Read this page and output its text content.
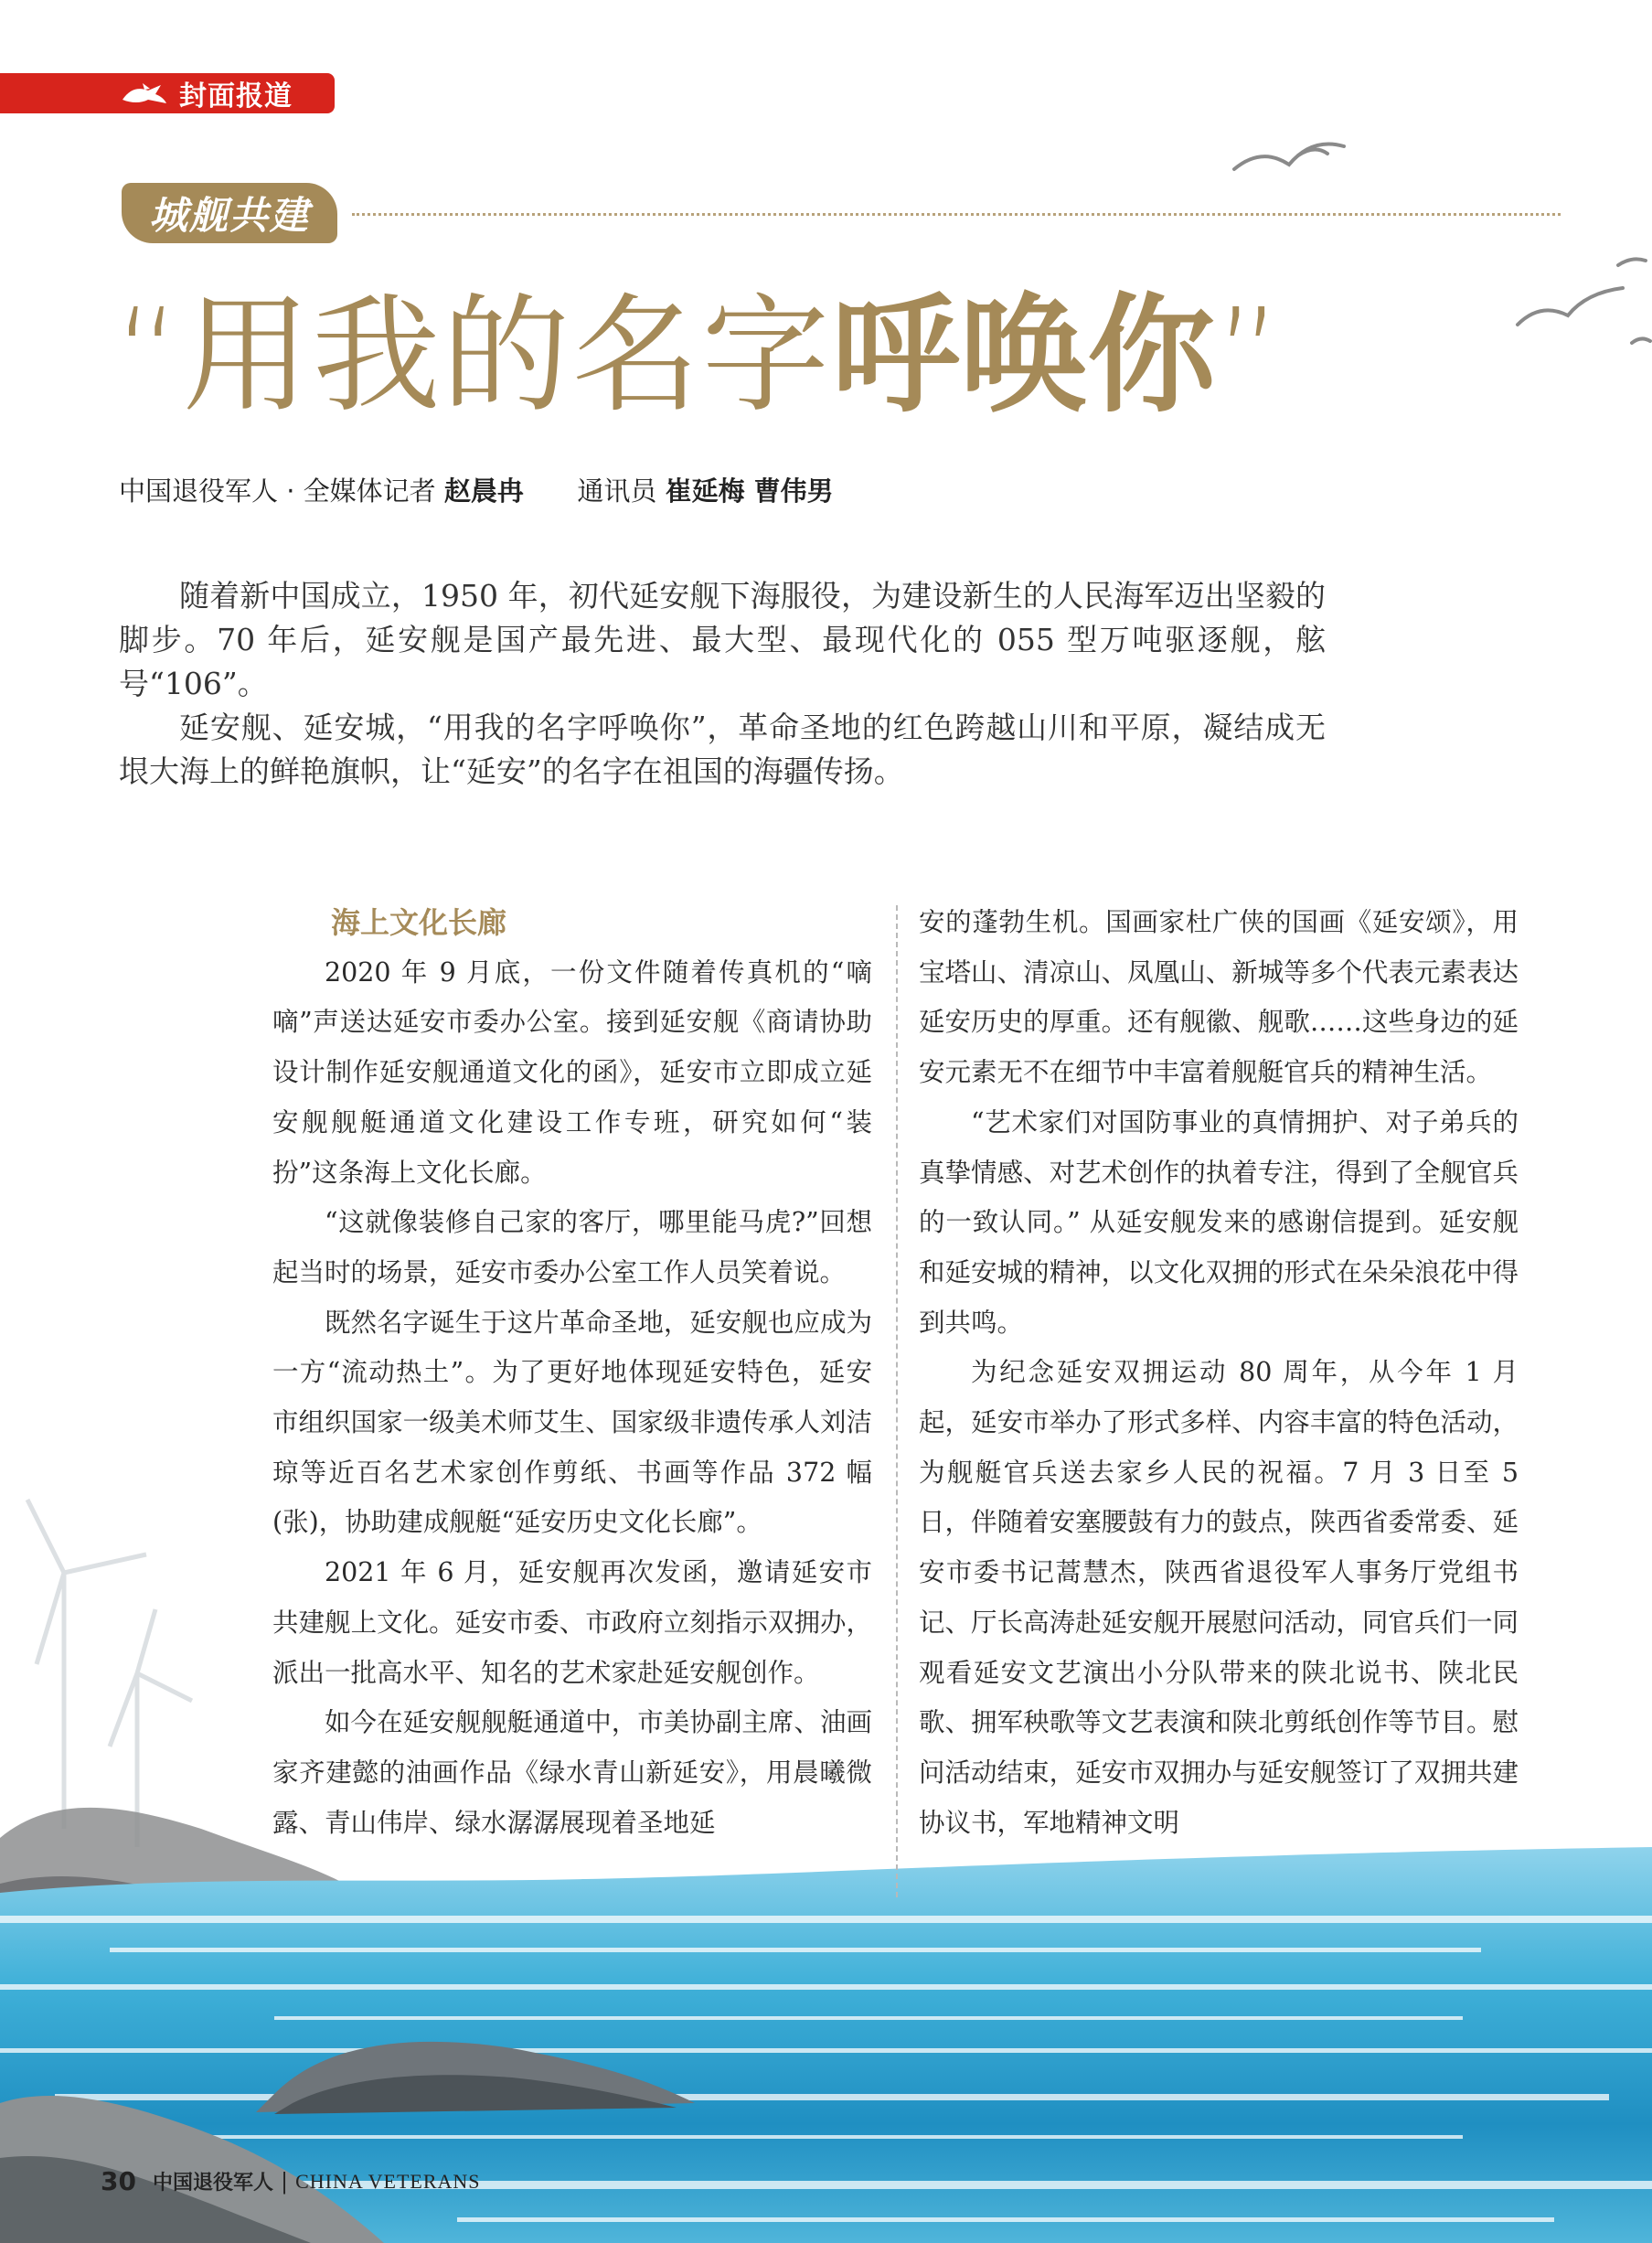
封面报道
城舰共建
“用我的名字呼唤你”
中国退役军人 · 全媒体记者 赵晨冉 通讯员 崔延梅 曹伟男

随着新中国成立，1950 年，初代延安舰下海服役，为建设新生的人民海军迈出坚毅的脚步。70 年后，延安舰是国产最先进、最大型、最现代化的 055 型万吨驱逐舰，舷号“106”。

延安舰、延安城，“用我的名字呼唤你”，革命圣地的红色跨越山川和平原，凝结成无垠大海上的鲜艳旗帜，让“延安”的名字在祖国的海疆传扬。

海上文化长廊

2020 年 9 月底，一份文件随着传真机的“嘀嘀”声送达延安市委办公室。接到延安舰《商请协助设计制作延安舰通道文化的函》，延安市立即成立延安舰舰艇通道文化建设工作专班，研究如何“装扮”这条海上文化长廊。

“这就像装修自己家的客厅，哪里能马虎?”回想起当时的场景，延安市委办公室工作人员笑着说。

既然名字诞生于这片革命圣地，延安舰也应成为一方“流动热土”。为了更好地体现延安特色，延安市组织国家一级美术师艾生、国家级非遗传承人刘洁琼等近百名艺术家创作剪纸、书画等作品 372 幅 (张)，协助建成舰艇“延安历史文化长廊”。

2021 年 6 月，延安舰再次发函，邀请延安市共建舰上文化。延安市委、市政府立刻指示双拥办，派出一批高水平、知名的艺术家赴延安舰创作。

如今在延安舰舰艇通道中，市美协副主席、油画家齐建懿的油画作品《绿水青山新延安》，用晨曦微露、青山伟岸、绿水潺潺展现着圣地延

安的蓬勃生机。国画家杜广侠的国画《延安颂》，用宝塔山、清凉山、凤凰山、新城等多个代表元素表达延安历史的厚重。还有舰徽、舰歌……这些身边的延安元素无不在细节中丰富着舰艇官兵的精神生活。

“艺术家们对国防事业的真情拥护、对子弟兵的真挚情感、对艺术创作的执着专注，得到了全舰官兵的一致认同。” 从延安舰发来的感谢信提到。延安舰和延安城的精神，以文化双拥的形式在朵朵浪花中得到共鸣。

为纪念延安双拥运动 80 周年，从今年 1 月起，延安市举办了形式多样、内容丰富的特色活动，为舰艇官兵送去家乡人民的祝福。7 月 3 日至 5 日，伴随着安塞腰鼓有力的鼓点，陕西省委常委、延安市委书记蒿慧杰，陕西省退役军人事务厅党组书记、厅长高涛赴延安舰开展慰问活动，同官兵们一同观看延安文艺演出小分队带来的陕北说书、陕北民歌、拥军秧歌等文艺表演和陕北剪纸创作等节目。慰问活动结束，延安市双拥办与延安舰签订了双拥共建协议书，军地精神文明

30 中国退役军人 | CHINA VETERANS
